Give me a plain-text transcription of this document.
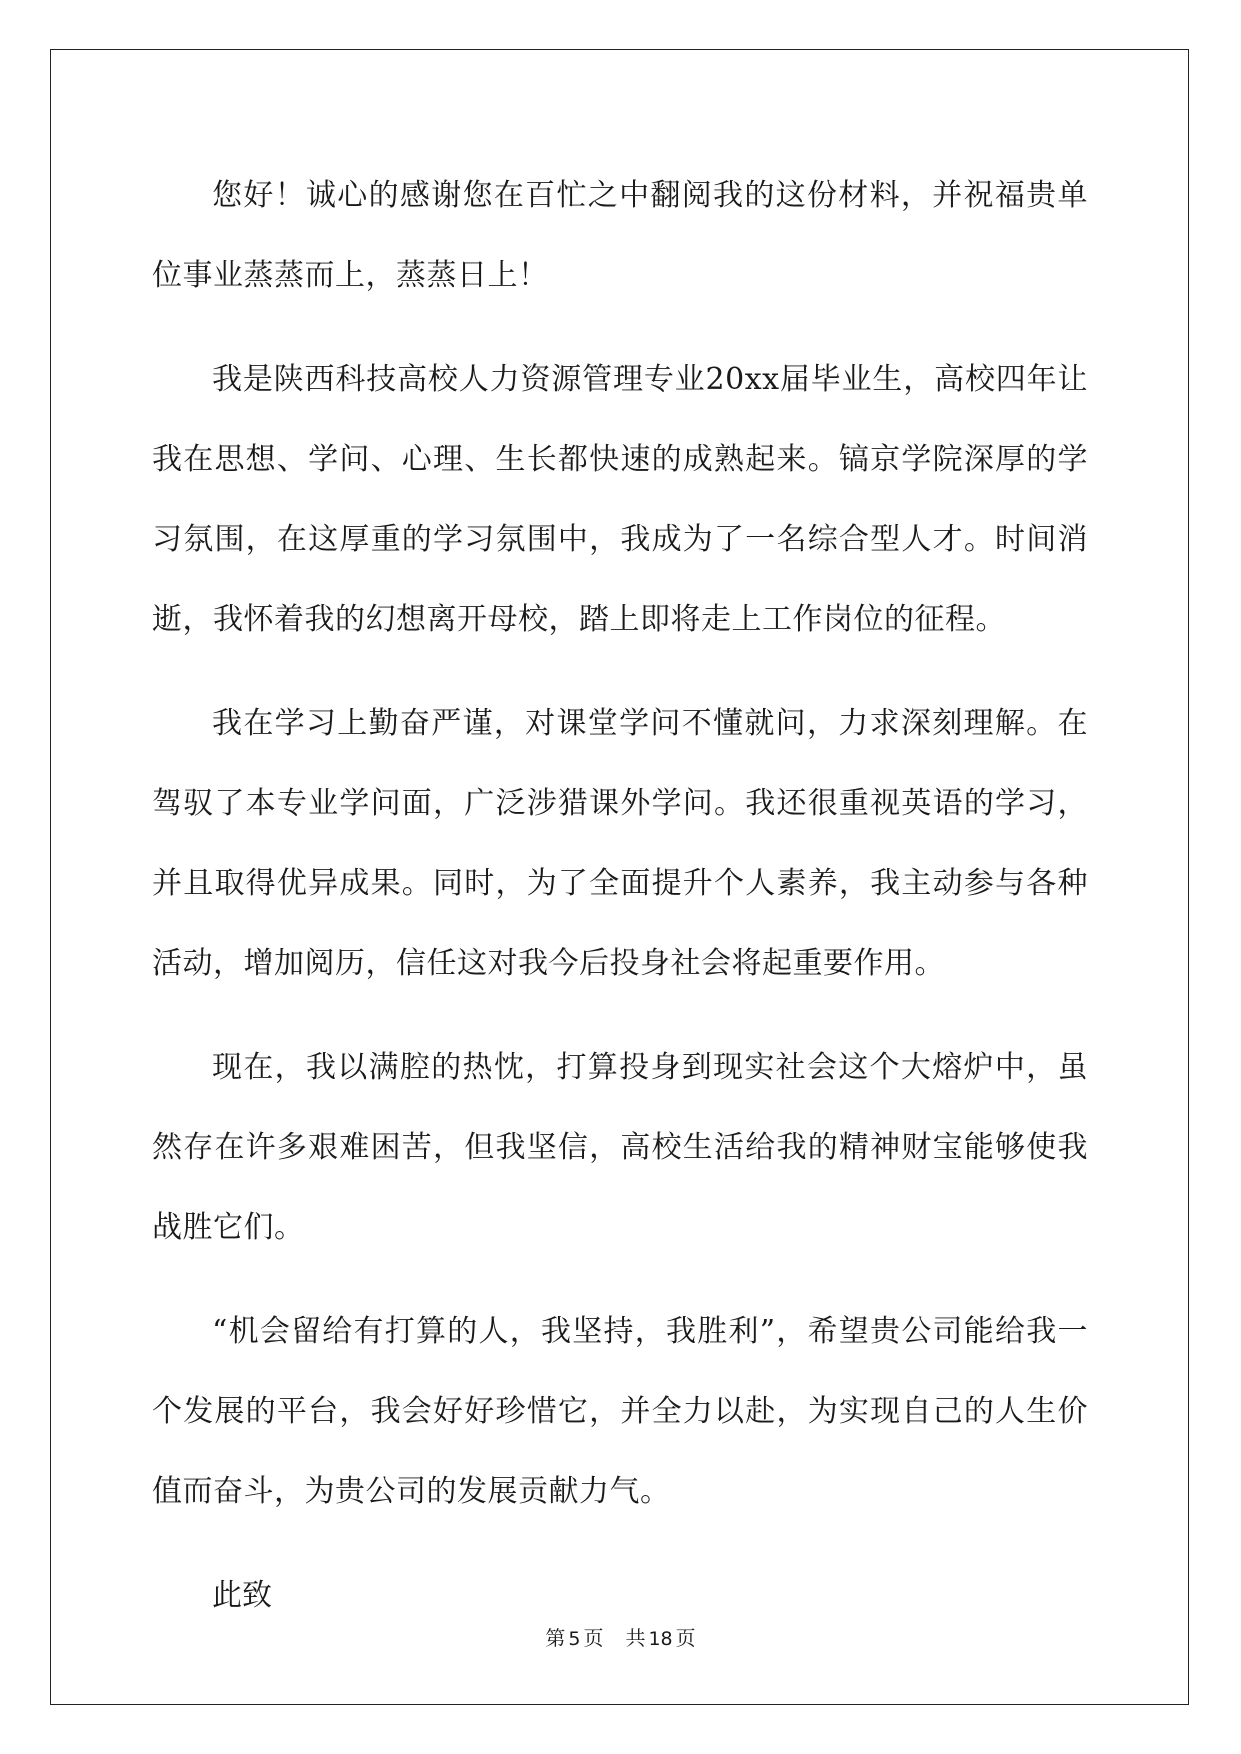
您好！诚心的感谢您在百忙之中翻阅我的这份材料，并祝福贵单位事业蒸蒸而上，蒸蒸日上！

我是陕西科技高校人力资源管理专业20xx届毕业生，高校四年让我在思想、学问、心理、生长都快速的成熟起来。镐京学院深厚的学习氛围，在这厚重的学习氛围中，我成为了一名综合型人才。时间消逝，我怀着我的幻想离开母校，踏上即将走上工作岗位的征程。

我在学习上勤奋严谨，对课堂学问不懂就问，力求深刻理解。在驾驭了本专业学问面，广泛涉猎课外学问。我还很重视英语的学习，并且取得优异成果。同时，为了全面提升个人素养，我主动参与各种活动，增加阅历，信任这对我今后投身社会将起重要作用。

现在，我以满腔的热忱，打算投身到现实社会这个大熔炉中，虽然存在许多艰难困苦，但我坚信，高校生活给我的精神财宝能够使我战胜它们。

“机会留给有打算的人，我坚持，我胜利”，希望贵公司能给我一个发展的平台，我会好好珍惜它，并全力以赴，为实现自己的人生价值而奋斗，为贵公司的发展贡献力气。

此致

第 5 页 共 18 页
